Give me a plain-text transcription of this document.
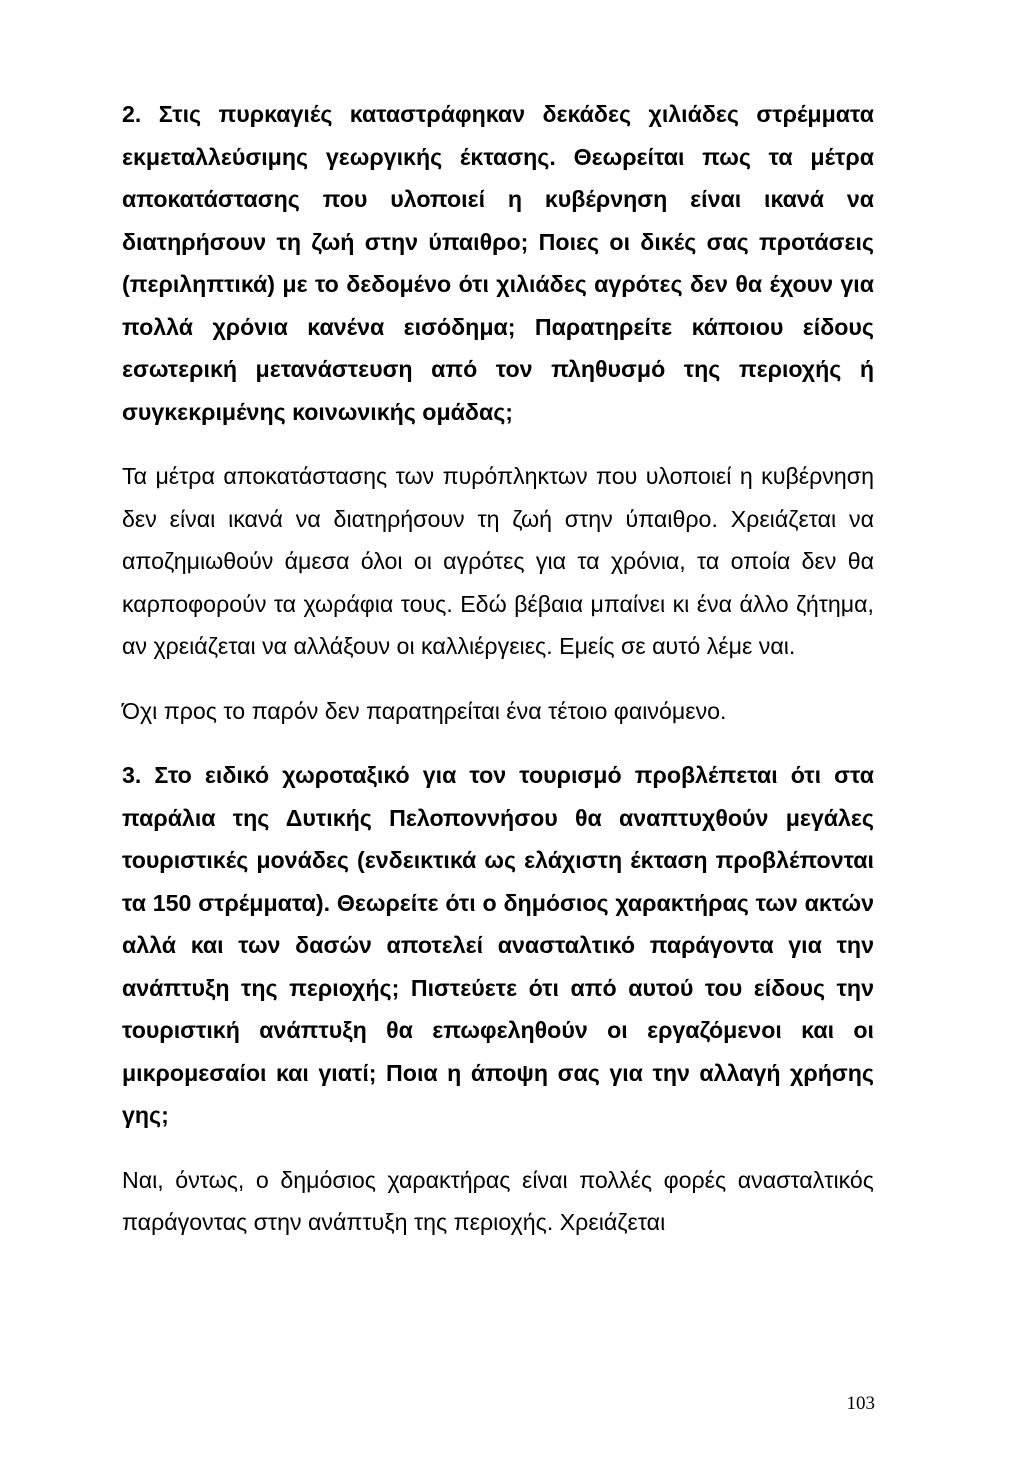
2. Στις πυρκαγιές καταστράφηκαν δεκάδες χιλιάδες στρέμματα εκμεταλλεύσιμης γεωργικής έκτασης. Θεωρείται πως τα μέτρα αποκατάστασης που υλοποιεί η κυβέρνηση είναι ικανά να διατηρήσουν τη ζωή στην ύπαιθρο; Ποιες οι δικές σας προτάσεις (περιληπτικά) με το δεδομένο ότι χιλιάδες αγρότες δεν θα έχουν για πολλά χρόνια κανένα εισόδημα; Παρατηρείτε κάποιου είδους εσωτερική μετανάστευση από τον πληθυσμό της περιοχής ή συγκεκριμένης κοινωνικής ομάδας;

Τα μέτρα αποκατάστασης των πυρόπληκτων που υλοποιεί η κυβέρνηση δεν είναι ικανά να διατηρήσουν τη ζωή στην ύπαιθρο. Χρειάζεται να αποζημιωθούν άμεσα όλοι οι αγρότες για τα χρόνια, τα οποία δεν θα καρποφορούν τα χωράφια τους. Εδώ βέβαια μπαίνει κι ένα άλλο ζήτημα, αν χρειάζεται να αλλάξουν οι καλλιέργειες. Εμείς σε αυτό λέμε ναι.

Όχι προς το παρόν δεν παρατηρείται ένα τέτοιο φαινόμενο.

3. Στο ειδικό χωροταξικό για τον τουρισμό προβλέπεται ότι στα παράλια της Δυτικής Πελοποννήσου θα αναπτυχθούν μεγάλες τουριστικές μονάδες (ενδεικτικά ως ελάχιστη έκταση προβλέπονται τα 150 στρέμματα). Θεωρείτε ότι ο δημόσιος χαρακτήρας των ακτών αλλά και των δασών αποτελεί ανασταλτικό παράγοντα για την ανάπτυξη της περιοχής; Πιστεύετε ότι από αυτού του είδους την τουριστική ανάπτυξη θα επωφεληθούν οι εργαζόμενοι και οι μικρομεσαίοι και γιατί; Ποια η άποψη σας για την αλλαγή χρήσης γης;

Ναι, όντως, ο δημόσιος χαρακτήρας είναι πολλές φορές ανασταλτικός παράγοντας στην ανάπτυξη της περιοχής. Χρειάζεται

103
